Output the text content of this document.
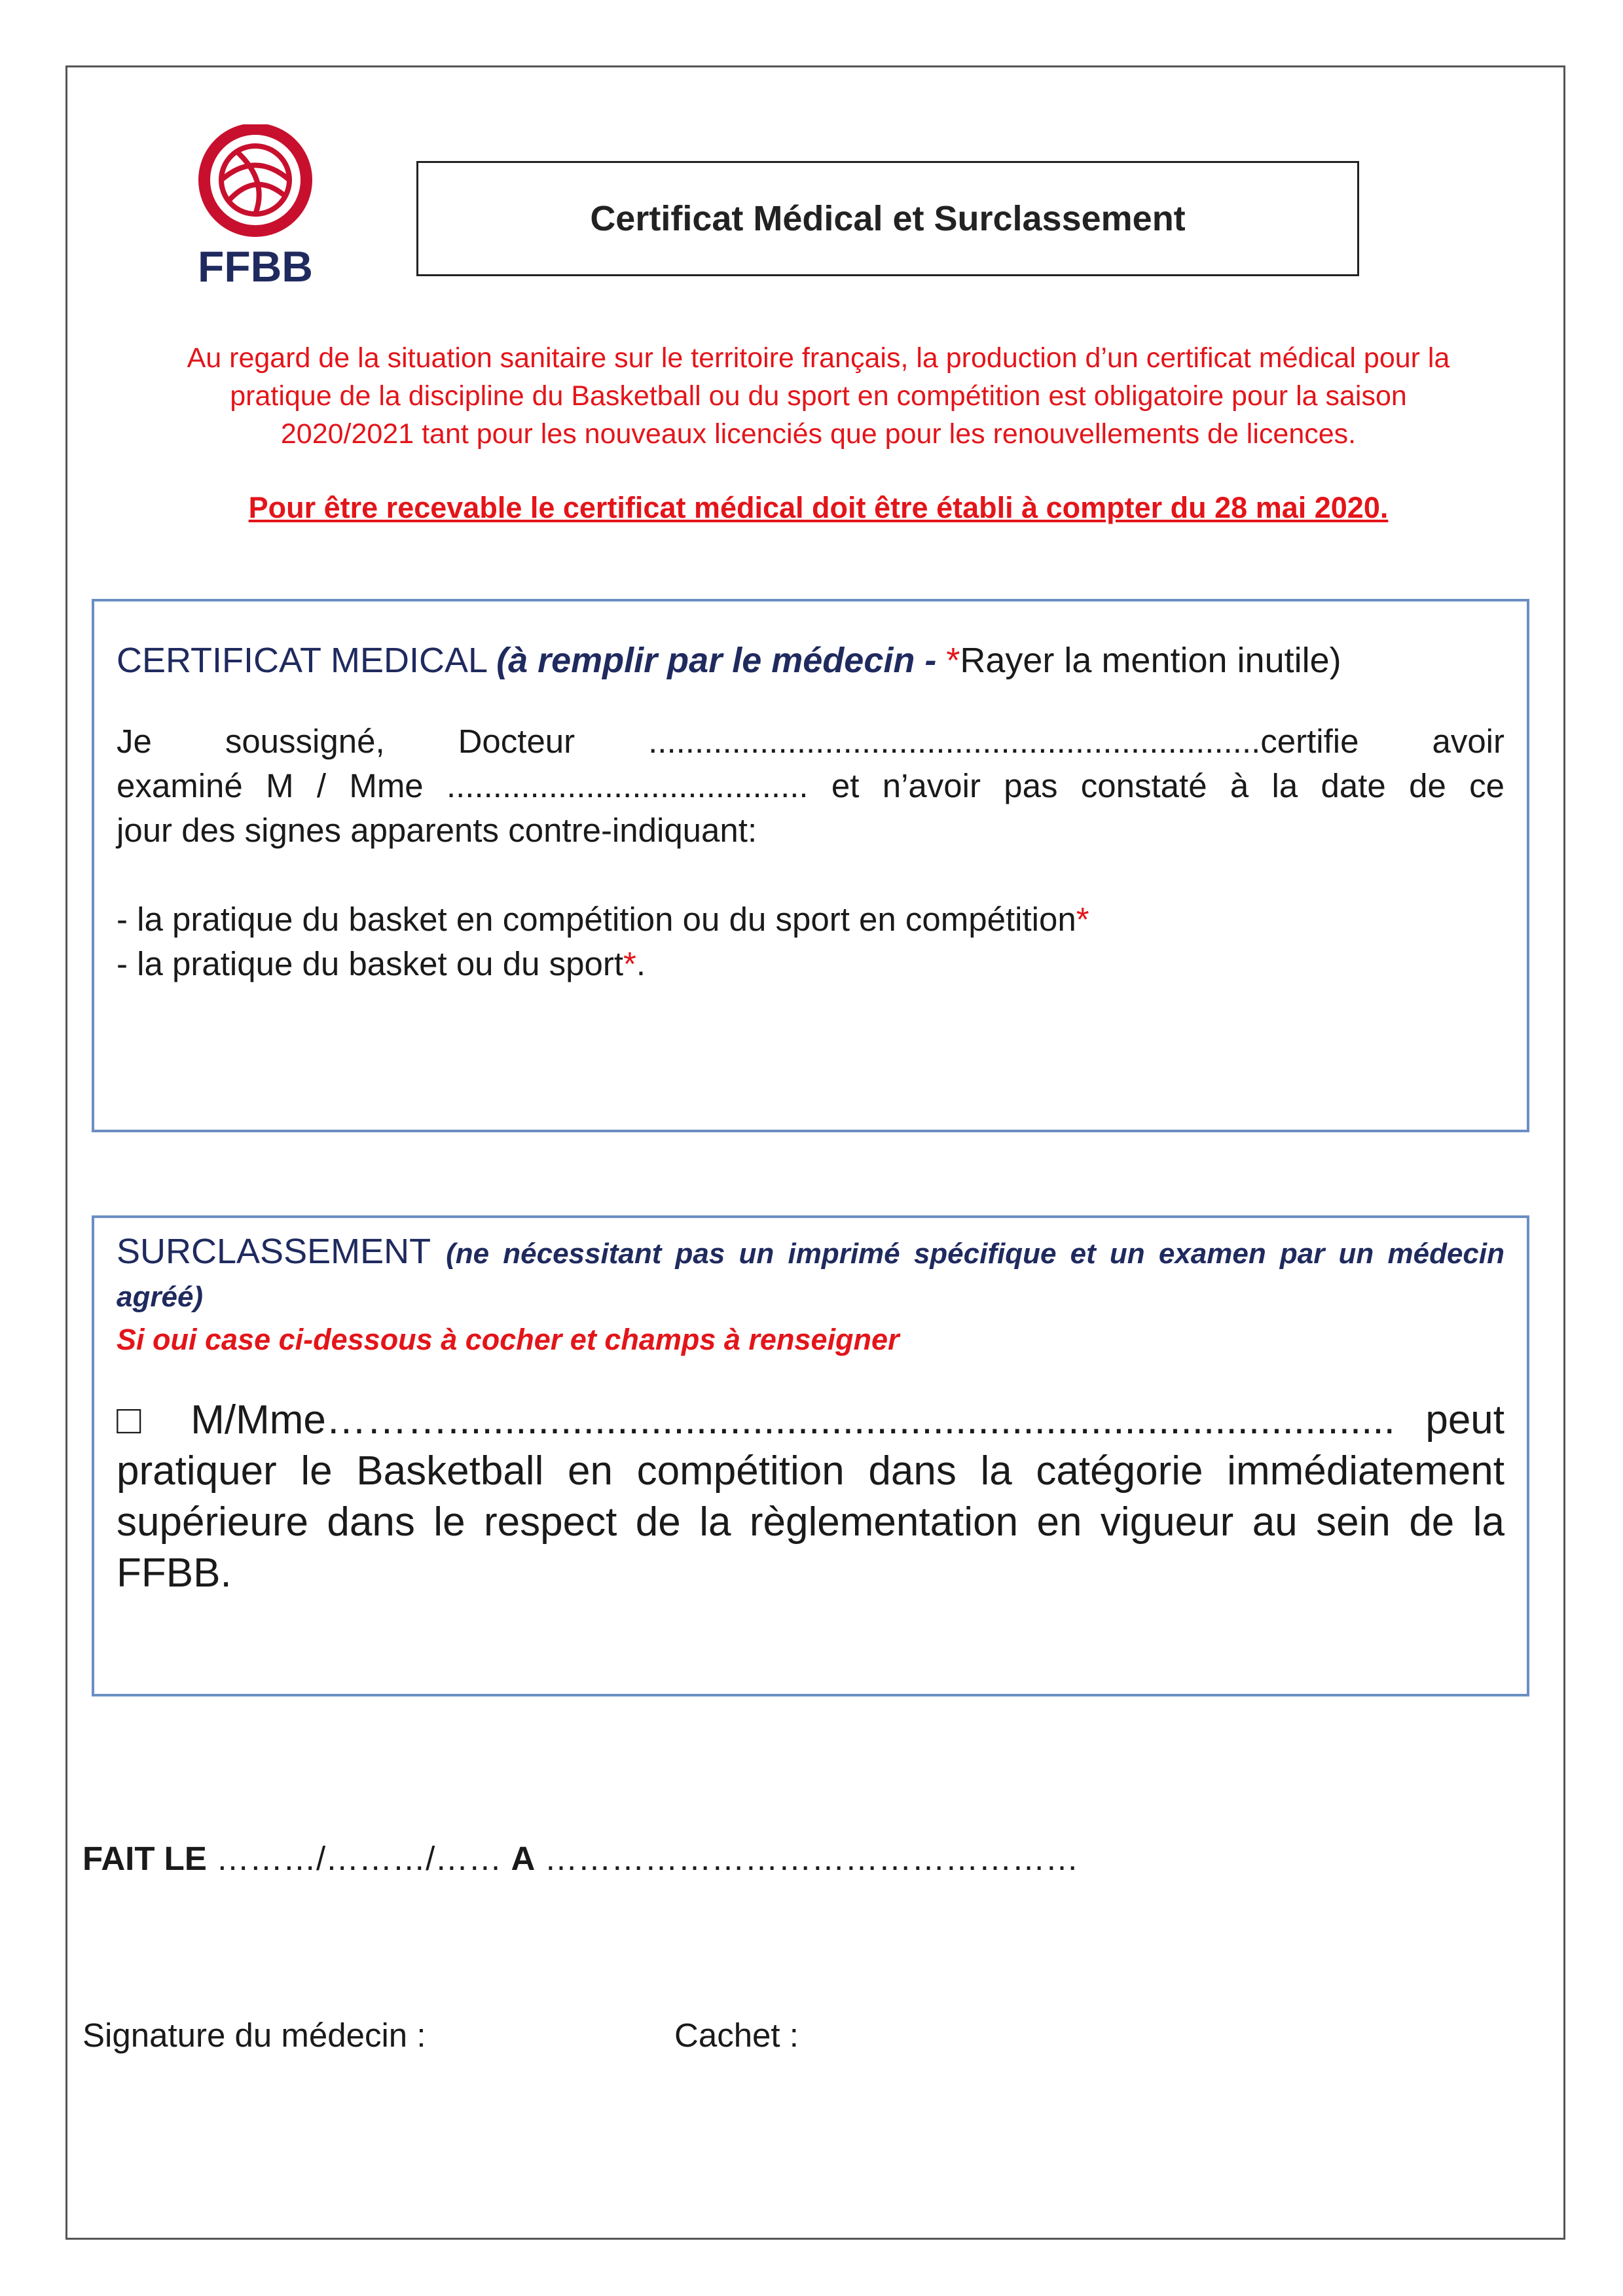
FFBB
Certificat Médical et Surclassement
Au regard de la situation sanitaire sur le territoire français, la production d’un certificat médical pour la
pratique de la discipline du Basketball ou du sport en compétition est obligatoire pour la saison
2020/2021 tant pour les nouveaux licenciés que pour les renouvellements de licences.
Pour être recevable le certificat médical doit être établi à compter du 28 mai 2020.

CERTIFICAT MEDICAL (à remplir par le médecin - *Rayer la mention inutile)

Je soussigné, Docteur ..................................................................certifie avoir

examiné M / Mme ....................................... et n’avoir pas constaté à la date de ce

jour des signes apparents contre-indiquant:

- la pratique du basket en compétition ou du sport en compétition*

- la pratique du basket ou du sport*.

SURCLASSEMENT (ne nécessitant pas un imprimé spécifique et un examen par un médecin agréé)
Si oui case ci-dessous à cocher et champs à renseigner
□ M/Mme……….................................................................................... peut pratiquer le Basketball en compétition dans la catégorie immédiatement supérieure dans le respect de la règlementation en vigueur au sein de la FFBB.
FAIT LE ………/………/…… A …………………………………………
Signature du médecin :	Cachet :
